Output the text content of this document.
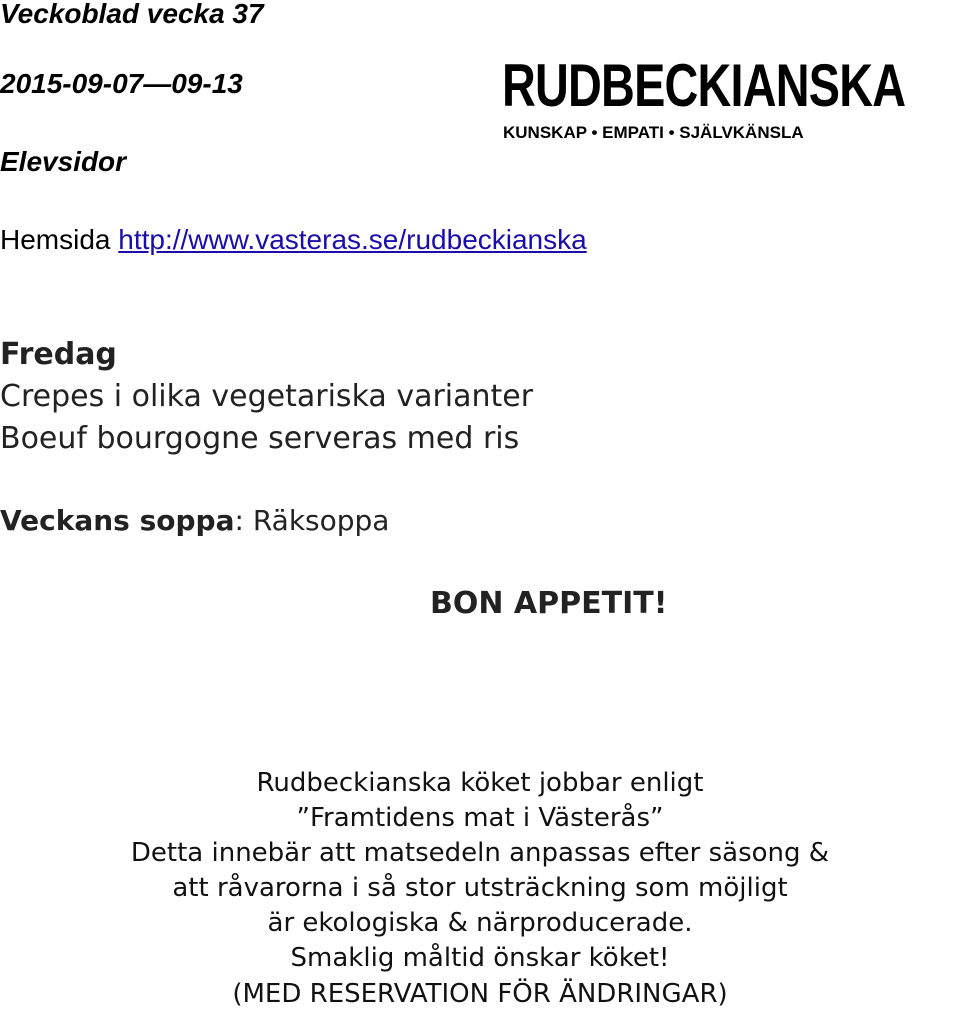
Veckoblad vecka 37
2015-09-07—09-13
Elevsidor
Hemsida http://www.vasteras.se/rudbeckianska
RUDBECKIANSKA
KUNSKAP • EMPATI • SJÄLVKÄNSLA
Fredag
Crepes i olika vegetariska varianter
Boeuf bourgogne serveras med ris
Veckans soppa: Räksoppa
BON APPETIT!
Rudbeckianska köket jobbar enligt
”Framtidens mat i Västerås”
Detta innebär att matsedeln anpassas efter säsong &
att råvarorna i så stor utsträckning som möjligt
är ekologiska & närproducerade.
Smaklig måltid önskar köket!
(MED RESERVATION FÖR ÄNDRINGAR)
